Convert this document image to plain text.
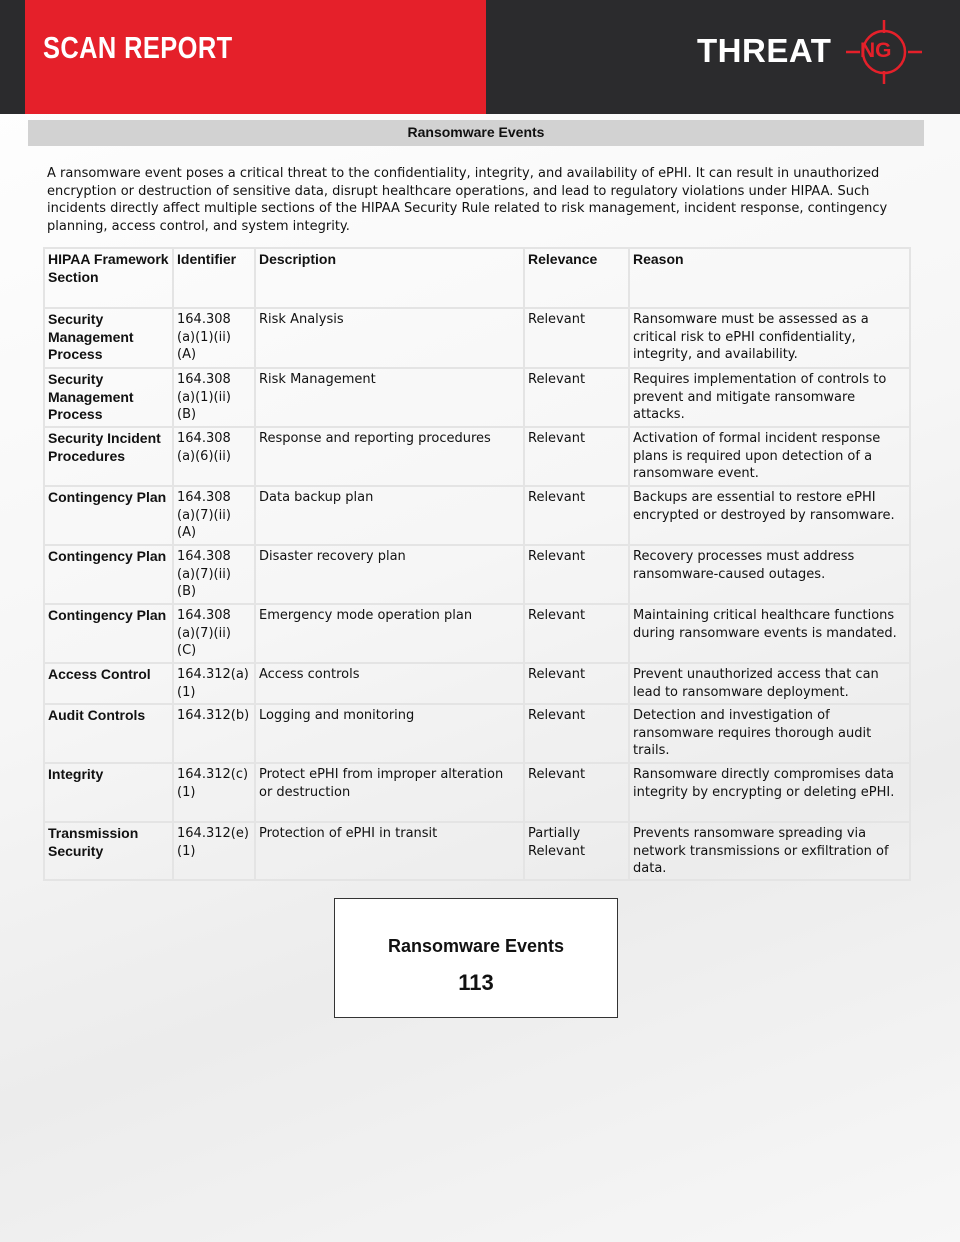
SCAN REPORT	THREAT NG
Ransomware Events

A ransomware event poses a critical threat to the confidentiality, integrity, and availability of ePHI. It can result in unauthorized encryption or destruction of sensitive data, disrupt healthcare operations, and lead to regulatory violations under HIPAA. Such incidents directly affect multiple sections of the HIPAA Security Rule related to risk management, incident response, contingency planning, access control, and system integrity.

HIPAA Framework Section	Identifier	Description	Relevance	Reason
Security Management Process	164.308 (a)(1)(ii) (A)	Risk Analysis	Relevant	Ransomware must be assessed as a critical risk to ePHI confidentiality, integrity, and availability.
Security Management Process	164.308 (a)(1)(ii) (B)	Risk Management	Relevant	Requires implementation of controls to prevent and mitigate ransomware attacks.
Security Incident Procedures	164.308 (a)(6)(ii)	Response and reporting procedures	Relevant	Activation of formal incident response plans is required upon detection of a ransomware event.
Contingency Plan	164.308 (a)(7)(ii) (A)	Data backup plan	Relevant	Backups are essential to restore ePHI encrypted or destroyed by ransomware.
Contingency Plan	164.308 (a)(7)(ii) (B)	Disaster recovery plan	Relevant	Recovery processes must address ransomware-caused outages.
Contingency Plan	164.308 (a)(7)(ii) (C)	Emergency mode operation plan	Relevant	Maintaining critical healthcare functions during ransomware events is mandated.
Access Control	164.312(a) (1)	Access controls	Relevant	Prevent unauthorized access that can lead to ransomware deployment.
Audit Controls	164.312(b)	Logging and monitoring	Relevant	Detection and investigation of ransomware requires thorough audit trails.
Integrity	164.312(c) (1)	Protect ePHI from improper alteration or destruction	Relevant	Ransomware directly compromises data integrity by encrypting or deleting ePHI.
Transmission Security	164.312(e) (1)	Protection of ePHI in transit	Partially Relevant	Prevents ransomware spreading via network transmissions or exfiltration of data.
Ransomware Events
113
